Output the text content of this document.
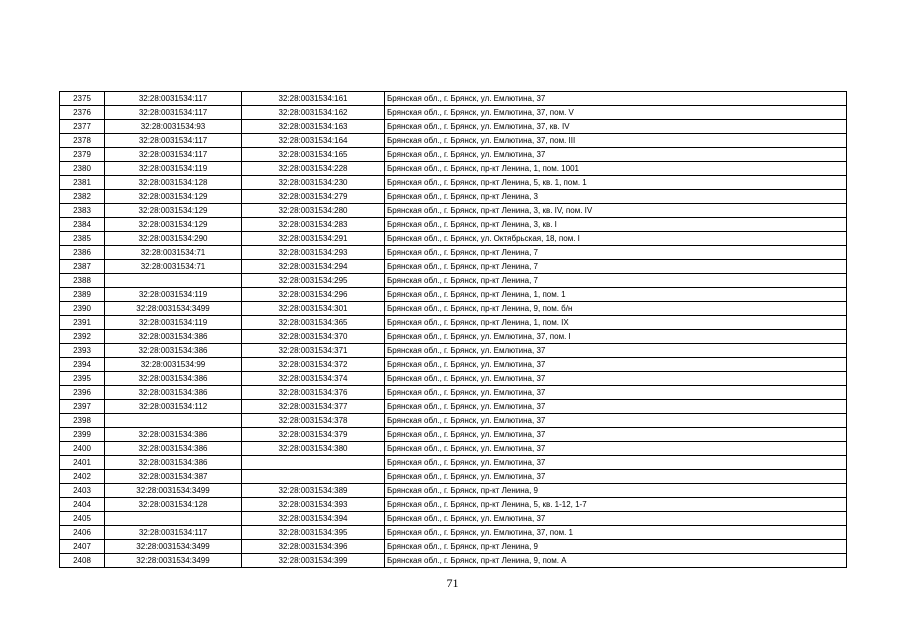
2375	32:28:0031534:117	32:28:0031534:161	Брянская обл., г. Брянск, ул. Емлютина, 37
2376	32:28:0031534:117	32:28:0031534:162	Брянская обл., г. Брянск, ул. Емлютина, 37, пом. V
2377	32:28:0031534:93	32:28:0031534:163	Брянская обл., г. Брянск, ул. Емлютина, 37, кв. IV
2378	32:28:0031534:117	32:28:0031534:164	Брянская обл., г. Брянск, ул. Емлютина, 37, пом. III
2379	32:28:0031534:117	32:28:0031534:165	Брянская обл., г. Брянск, ул. Емлютина, 37
2380	32:28:0031534:119	32:28:0031534:228	Брянская обл., г. Брянск, пр-кт Ленина, 1, пом. 1001
2381	32:28:0031534:128	32:28:0031534:230	Брянская обл., г. Брянск, пр-кт Ленина, 5, кв. 1, пом. 1
2382	32:28:0031534:129	32:28:0031534:279	Брянская обл., г. Брянск, пр-кт Ленина, 3
2383	32:28:0031534:129	32:28:0031534:280	Брянская обл., г. Брянск, пр-кт Ленина, 3, кв. IV, пом. IV
2384	32:28:0031534:129	32:28:0031534:283	Брянская обл., г. Брянск, пр-кт Ленина, 3, кв. I
2385	32:28:0031534:290	32:28:0031534:291	Брянская обл., г. Брянск, ул. Октябрьская, 18, пом. I
2386	32:28:0031534:71	32:28:0031534:293	Брянская обл., г. Брянск, пр-кт Ленина, 7
2387	32:28:0031534:71	32:28:0031534:294	Брянская обл., г. Брянск, пр-кт Ленина, 7
2388		32:28:0031534:295	Брянская обл., г. Брянск, пр-кт Ленина, 7
2389	32:28:0031534:119	32:28:0031534:296	Брянская обл., г. Брянск, пр-кт Ленина, 1, пом. 1
2390	32:28:0031534:3499	32:28:0031534:301	Брянская обл., г. Брянск, пр-кт Ленина, 9, пом. б/н
2391	32:28:0031534:119	32:28:0031534:365	Брянская обл., г. Брянск, пр-кт Ленина, 1, пом. IX
2392	32:28:0031534:386	32:28:0031534:370	Брянская обл., г. Брянск, ул. Емлютина, 37, пом. I
2393	32:28:0031534:386	32:28:0031534:371	Брянская обл., г. Брянск, ул. Емлютина, 37
2394	32:28:0031534:99	32:28:0031534:372	Брянская обл., г. Брянск, ул. Емлютина, 37
2395	32:28:0031534:386	32:28:0031534:374	Брянская обл., г. Брянск, ул. Емлютина, 37
2396	32:28:0031534:386	32:28:0031534:376	Брянская обл., г. Брянск, ул. Емлютина, 37
2397	32:28:0031534:112	32:28:0031534:377	Брянская обл., г. Брянск, ул. Емлютина, 37
2398		32:28:0031534:378	Брянская обл., г. Брянск, ул. Емлютина, 37
2399	32:28:0031534:386	32:28:0031534:379	Брянская обл., г. Брянск, ул. Емлютина, 37
2400	32:28:0031534:386	32:28:0031534:380	Брянская обл., г. Брянск, ул. Емлютина, 37
2401	32:28:0031534:386		Брянская обл., г. Брянск, ул. Емлютина, 37
2402	32:28:0031534:387		Брянская обл., г. Брянск, ул. Емлютина, 37
2403	32:28:0031534:3499	32:28:0031534:389	Брянская обл., г. Брянск, пр-кт Ленина, 9
2404	32:28:0031534:128	32:28:0031534:393	Брянская обл., г. Брянск, пр-кт Ленина, 5, кв. 1-12, 1-7
2405		32:28:0031534:394	Брянская обл., г. Брянск, ул. Емлютина, 37
2406	32:28:0031534:117	32:28:0031534:395	Брянская обл., г. Брянск, ул. Емлютина, 37, пом. 1
2407	32:28:0031534:3499	32:28:0031534:396	Брянская обл., г. Брянск, пр-кт Ленина, 9
2408	32:28:0031534:3499	32:28:0031534:399	Брянская обл., г. Брянск, пр-кт Ленина, 9, пом. А
71
